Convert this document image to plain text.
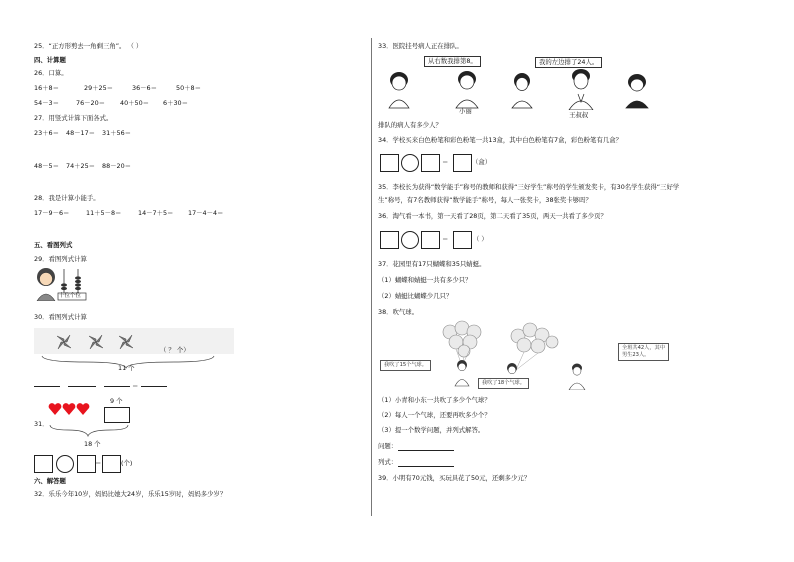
25．“正方形剪去一角剩三角”。 （ ）
四、计算题
26．口算。
16＋8＝	29＋25＝	36－6＝	50＋8＝
54－3＝	76－20＝ 40＋50＝ 6＋30＝
27．用竖式计算下面各式。
23＋6＝ 48－17＝ 31＋56＝
48－5＝ 74＋25＝ 88－20＝
28．我是计算小能手。
17－9－6＝	11＋5－8＝	14－7＋5＝ 17－4－4＝
五、看图列式
29．看图列式计算
十位个位
30．看图列式计算
（ ？ 个）
11 个
＝
9 个
31．
18 个
＝	(个)
六、解答题
32．乐乐今年10岁，妈妈比她大24岁，乐乐15岁时，妈妈多少岁？
33．医院挂号病人正在排队。
从右数我排第8。	我的左边排了24人。
小丽	王叔叔
排队的病人有多少人？
34．学校买来白色粉笔和彩色粉笔一共13盒，其中白色粉笔有7盒，彩色粉笔有几盒？
＝	（盒）
35．李校长为获得“数学能手”称号的教师和获得“三好学生”称号的学生颁发奖卡，有30名学生获得“三好学
生”称号，有7名教师获得“数学能手”称号，每人一张奖卡，38张奖卡够吗？
36．淘气看一本书，第一天看了28页，第二天看了35页，两天一共看了多少页？
＝	（ ）
37．花园里有17只蝴蝶和35只蜻蜓。
（1）蝴蝶和蜻蜓一共有多少只？
（2）蜻蜓比蝴蝶少几只？
38．吹气球。
我吹了15个气球。
我吹了18个气球。
全班共42人，其中
男生23人。
（1）小青和小东一共吹了多少个气球？
（2）每人一个气球，还要再吹多少个？
（3）提一个数学问题，并列式解答。
问题：
列式：
39．小明有70元钱，买玩具花了50元，还剩多少元？
